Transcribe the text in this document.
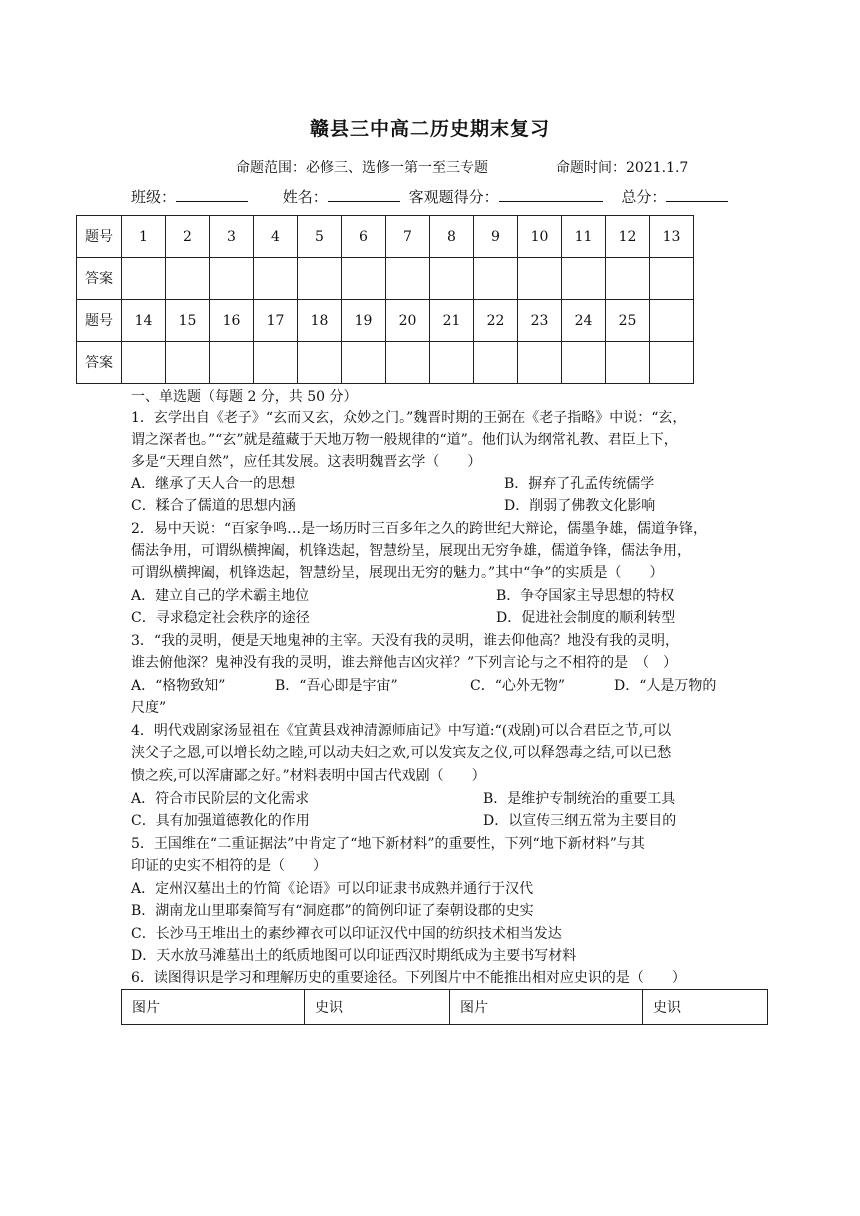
赣县三中高二历史期末复习
命题范围：必修三、选修一第一至三专题	命题时间：2021.1.7
班级：	姓名：	客观题得分：	总分：
题号	1	2	3	4	5	6	7	8	9	10	11	12	13
答案													
题号	14	15	16	17	18	19	20	21	22	23	24	25	
答案													
一、单选题（每题 2 分，共 50 分）
1．玄学出自《老子》“玄而又玄，众妙之门。”魏晋时期的王弼在《老子指略》中说：“玄，
谓之深者也。”“玄”就是蕴藏于天地万物一般规律的“道”。他们认为纲常礼教、君臣上下，
多是“天理自然”，应任其发展。这表明魏晋玄学（　　）
A．继承了天人合一的思想	B．摒弃了孔孟传统儒学
C．糅合了儒道的思想内涵	D．削弱了佛教文化影响
2．易中天说：“百家争鸣…是一场历时三百多年之久的跨世纪大辩论，儒墨争雄，儒道争锋，
儒法争用，可谓纵横捭阖，机锋迭起，智慧纷呈，展现出无穷争雄，儒道争锋，儒法争用，
可谓纵横捭阖，机锋迭起，智慧纷呈，展现出无穷的魅力。”其中“争”的实质是（　　）
A．建立自己的学术霸主地位	B．争夺国家主导思想的特权
C．寻求稳定社会秩序的途径	D．促进社会制度的顺利转型
3．“我的灵明，便是天地鬼神的主宰。天没有我的灵明，谁去仰他高？地没有我的灵明，
谁去俯他深？鬼神没有我的灵明，谁去辩他吉凶灾祥？”下列言论与之不相符的是　（　）
A．“格物致知”	B．“吾心即是宇宙”	C．“心外无物”	D．“人是万物的
尺度”
4．明代戏剧家汤显祖在《宜黄县戏神清源师庙记》中写道:“(戏剧)可以合君臣之节,可以
浃父子之恩,可以增长幼之睦,可以动夫妇之欢,可以发宾友之仪,可以释怨毒之结,可以已愁
愦之疾,可以浑庸鄙之好。”材料表明中国古代戏剧（　　）
A．符合市民阶层的文化需求	B．是维护专制统治的重要工具
C．具有加强道德教化的作用	D．以宣传三纲五常为主要目的
5．王国维在“二重证据法”中肯定了“地下新材料”的重要性，下列“地下新材料”与其
印证的史实不相符的是（　　）
A．定州汉墓出土的竹简《论语》可以印证隶书成熟并通行于汉代
B．湖南龙山里耶秦简写有“洞庭郡”的简例印证了秦朝设郡的史实
C．长沙马王堆出土的素纱襌衣可以印证汉代中国的纺织技术相当发达
D．天水放马滩墓出土的纸质地图可以印证西汉时期纸成为主要书写材料
6．读图得识是学习和理解历史的重要途径。下列图片中不能推出相对应史识的是（　　）
图片	史识	图片	史识
